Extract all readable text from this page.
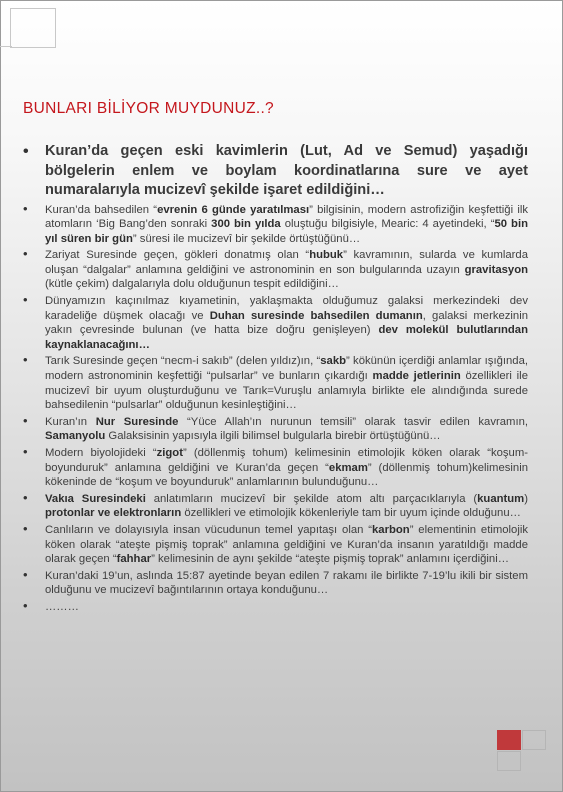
BUNLARI BİLİYOR MUYDUNUZ..?
• Kuran’da geçen eski kavimlerin (Lut, Ad ve Semud) yaşadığı bölgelerin enlem ve boylam koordinatlarına sure ve ayet numaralarıyla mucizevî şekilde işaret edildiğini…
• Kuran’da bahsedilen “evrenin 6 günde yaratılması” bilgisinin, modern astrofiziğin keşfettiği ilk atomların ‘Big Bang’den sonraki 300 bin yılda oluştuğu bilgisiyle, Mearic: 4 ayetindeki, “50 bin yıl süren bir gün” süresi ile mucizevî bir şekilde örtüştüğünü…
• Zariyat Suresinde geçen, gökleri donatmış olan “hubuk” kavramının, sularda ve kumlarda oluşan “dalgalar” anlamına geldiğini ve astronominin en son bulgularında uzayın gravitasyon (kütle çekim) dalgalarıyla dolu olduğunun tespit edildiğini…
• Dünyamızın kaçınılmaz kıyametinin, yaklaşmakta olduğumuz galaksi merkezindeki dev karadeliğe düşmek olacağı ve Duhan suresinde bahsedilen dumanın, galaksi merkezinin yakın çevresinde bulunan (ve hatta bize doğru genişleyen) dev molekül bulutlarından kaynaklanacağını…
• Tarık Suresinde geçen “necm-i sakıb” (delen yıldız)ın, “sakb” kökünün içerdiği anlamlar ışığında, modern astronominin keşfettiği “pulsarlar” ve bunların çıkardığı madde jetlerinin özellikleri ile mucizevî bir uyum oluşturduğunu ve Tarık=Vuruşlu anlamıyla birlikte ele alındığında surede bahsedilenin “pulsarlar” olduğunun kesinleştiğini…
• Kuran’ın Nur Suresinde “Yüce Allah’ın nurunun temsili” olarak tasvir edilen kavramın, Samanyolu Galaksisinin yapısıyla ilgili bilimsel bulgularla birebir örtüştüğünü…
• Modern biyolojideki “zigot” (döllenmiş tohum) kelimesinin etimolojik köken olarak “koşum-boyunduruk” anlamına geldiğini ve Kuran’da geçen “ekmam” (döllenmiş tohum)kelimesinin kökeninde de “koşum ve boyunduruk” anlamlarının bulunduğunu…
• Vakıa Suresindeki anlatımların mucizevî bir şekilde atom altı parçacıklarıyla (kuantum) protonlar ve elektronların özellikleri ve etimolojik kökenleriyle tam bir uyum içinde olduğunu…
• Canlıların ve dolayısıyla insan vücudunun temel yapıtaşı olan “karbon” elementinin etimolojik köken olarak “ateşte pişmiş toprak” anlamına geldiğini ve Kuran’da insanın yaratıldığı madde olarak geçen “fahhar” kelimesinin de aynı şekilde “ateşte pişmiş toprak” anlamını içerdiğini…
• Kuran’daki 19’un, aslında 15:87 ayetinde beyan edilen 7 rakamı ile birlikte 7-19’lu ikili bir sistem olduğunu ve mucizevî bağıntılarının ortaya konduğunu…
• ………
